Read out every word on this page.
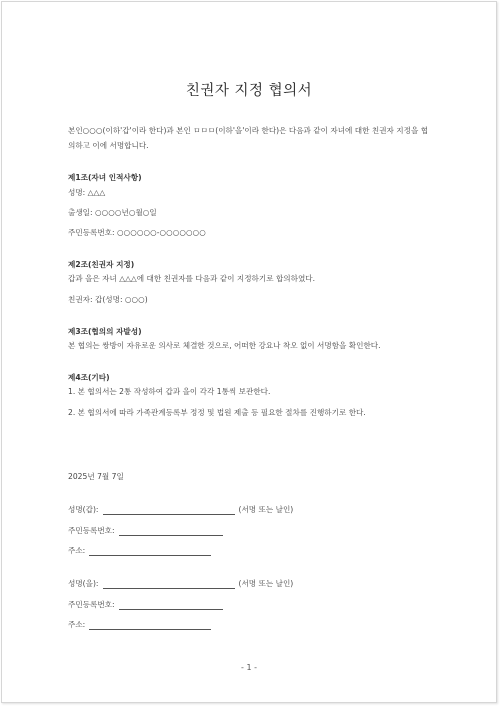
친권자 지정 협의서
본인○○○(이하'갑'이라 한다)과 본인 ㅁㅁㅁ(이하'을'이라 한다)은 다음과 같이 자녀에 대한 친권자 지정을 협의하고 이에 서명합니다.
제1조(자녀 인적사항)
성명: △△△
출생일: ○○○○년○월○일
주민등록번호: ○○○○○○-○○○○○○○
제2조(친권자 지정)
갑과 을은 자녀 △△△에 대한 친권자를 다음과 같이 지정하기로 합의하였다.
친권자: 갑(성명: ○○○)
제3조(협의의 자발성)
본 협의는 쌍방이 자유로운 의사로 체결한 것으로, 어떠한 강요나 착오 없이 서명함을 확인한다.
제4조(기타)
1. 본 협의서는 2통 작성하여 갑과 을이 각각 1통씩 보관한다.
2. 본 협의서에 따라 가족관계등록부 정정 및 법원 제출 등 필요한 절차를 진행하기로 한다.
2025년 7월 7일
성명(갑):	(서명 또는 날인)
주민등록번호:
주소:
성명(을):	(서명 또는 날인)
주민등록번호:
주소:
- 1 -
